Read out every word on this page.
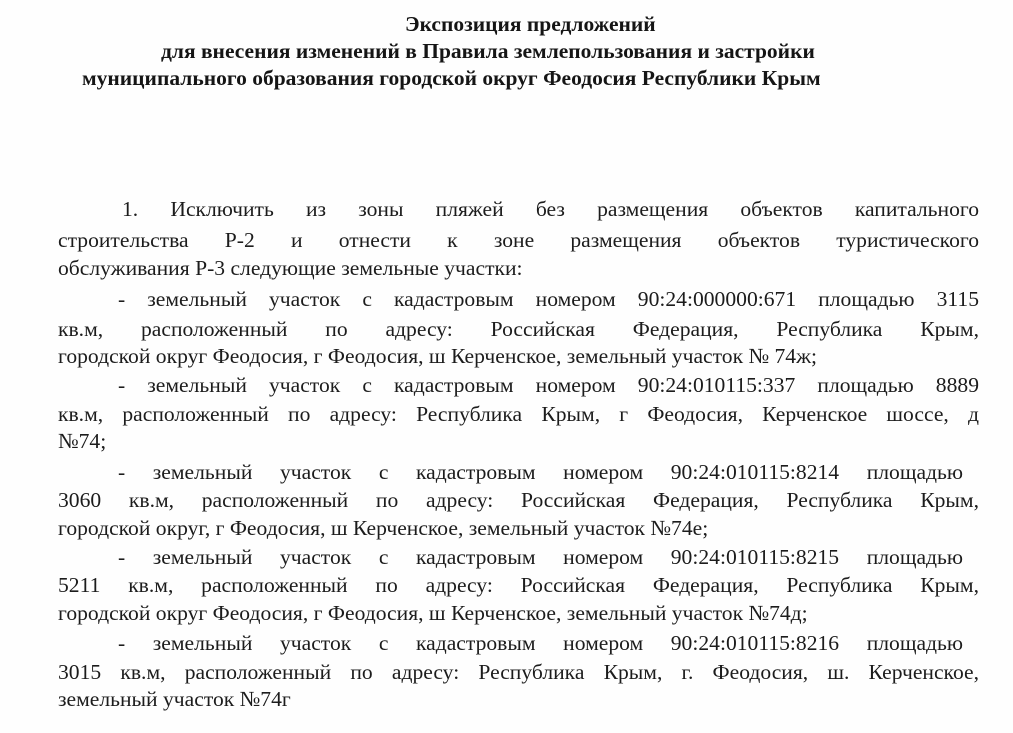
Экспозиция предложений
для внесения изменений в Правила землепользования и застройки
муниципального образования городской округ Феодосия Республики Крым
1. Исключить из зоны пляжей без размещения объектов капитального
строительства Р-2 и отнести к зоне размещения объектов туристического
обслуживания Р-3 следующие земельные участки:
- земельный участок с кадастровым номером 90:24:000000:671 площадью 3115
кв.м, расположенный по адресу: Российская Федерация, Республика Крым,
городской округ Феодосия, г Феодосия, ш Керченское, земельный участок № 74ж;
- земельный участок с кадастровым номером 90:24:010115:337 площадью 8889
кв.м, расположенный по адресу: Республика Крым, г Феодосия, Керченское шоссе, д
№74;
- земельный участок с кадастровым номером 90:24:010115:8214 площадью
3060 кв.м, расположенный по адресу: Российская Федерация, Республика Крым,
городской округ, г Феодосия, ш Керченское, земельный участок №74е;
- земельный участок с кадастровым номером 90:24:010115:8215 площадью
5211 кв.м, расположенный по адресу: Российская Федерация, Республика Крым,
городской округ Феодосия, г Феодосия, ш Керченское, земельный участок №74д;
- земельный участок с кадастровым номером 90:24:010115:8216 площадью
3015 кв.м, расположенный по адресу: Республика Крым, г. Феодосия, ш. Керченское,
земельный участок №74г
